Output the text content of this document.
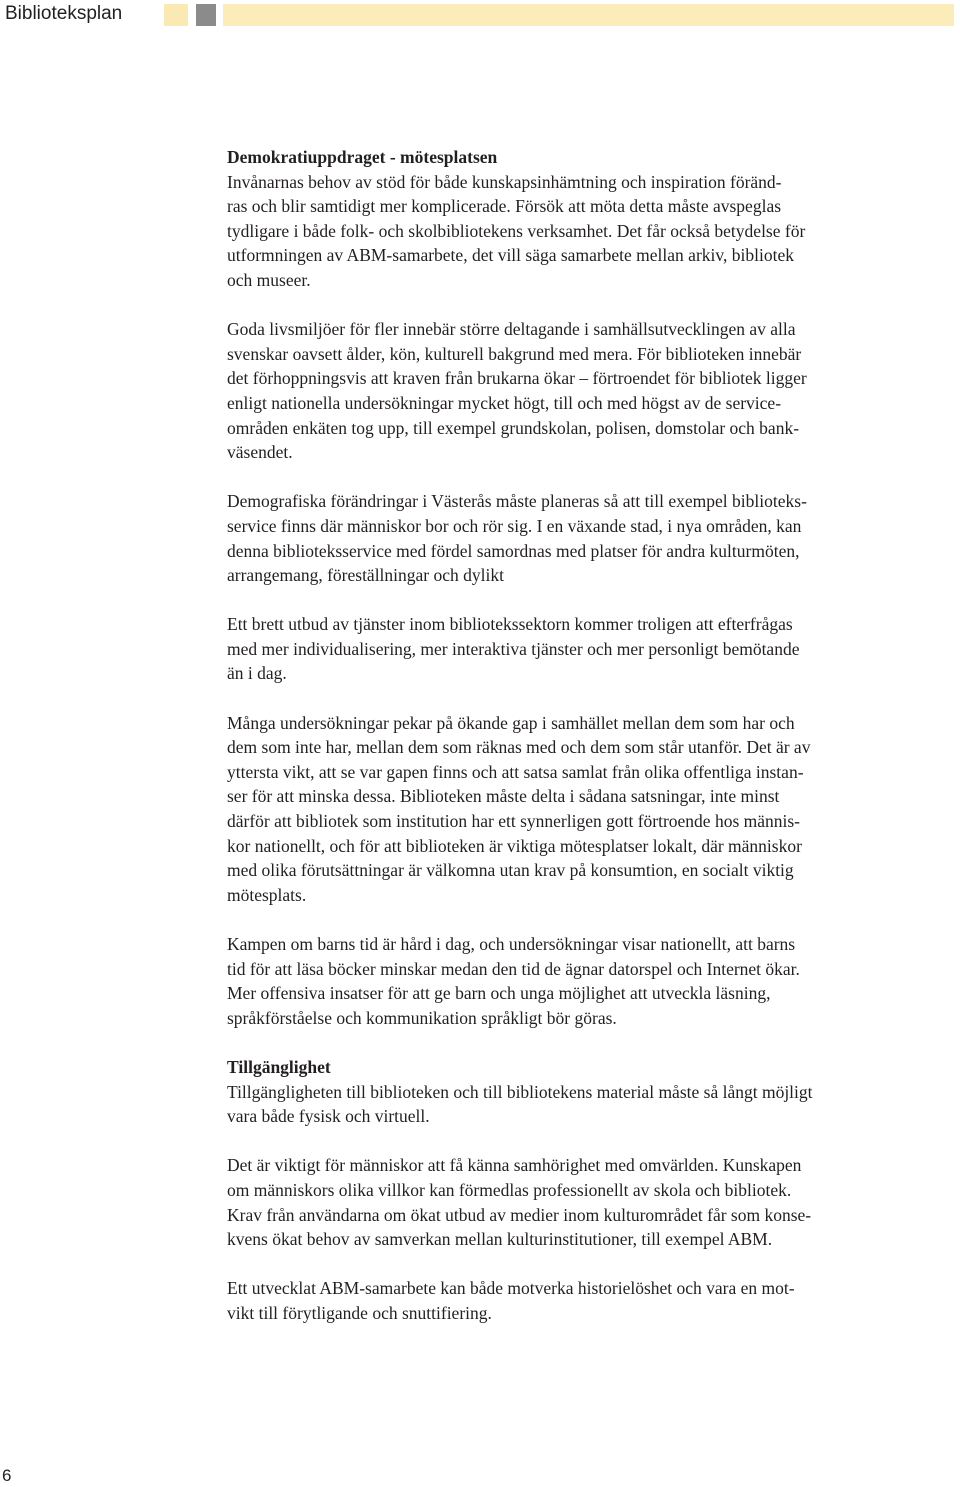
Biblioteksplan
Demokratiuppdraget - mötesplatsen
Invånarnas behov av stöd för både kunskapsinhämtning och inspiration föränd-
ras och blir samtidigt mer komplicerade. Försök att möta detta måste avspeglas
tydligare i både folk- och skolbibliotekens verksamhet. Det får också betydelse för
utformningen av ABM-samarbete, det vill säga samarbete mellan arkiv, bibliotek
och museer.
Goda livsmiljöer för fler innebär större deltagande i samhällsutvecklingen av alla
svenskar oavsett ålder, kön, kulturell bakgrund med mera. För biblioteken innebär
det förhoppningsvis att kraven från brukarna ökar – förtroendet för bibliotek ligger
enligt nationella undersökningar mycket högt, till och med högst av de service-
områden enkäten tog upp, till exempel grundskolan, polisen, domstolar och bank-
väsendet.
Demografiska förändringar i Västerås måste planeras så att till exempel biblioteks-
service finns där människor bor och rör sig. I en växande stad, i nya områden, kan
denna biblioteksservice med fördel samordnas med platser för andra kulturmöten,
arrangemang, föreställningar och dylikt
Ett brett utbud av tjänster inom bibliotekssektorn kommer troligen att efterfrågas
med mer individualisering, mer interaktiva tjänster och mer personligt bemötande
än i dag.
Många undersökningar pekar på ökande gap i samhället mellan dem som har och
dem som inte har, mellan dem som räknas med och dem som står utanför. Det är av
yttersta vikt, att se var gapen finns och att satsa samlat från olika offentliga instan-
ser för att minska dessa. Biblioteken måste delta i sådana satsningar, inte minst
därför att bibliotek som institution har ett synnerligen gott förtroende hos männis-
kor nationellt, och för att biblioteken är viktiga mötesplatser lokalt, där människor
med olika förutsättningar är välkomna utan krav på konsumtion, en socialt viktig
mötesplats.
Kampen om barns tid är hård i dag, och undersökningar visar nationellt, att barns
tid för att läsa böcker minskar medan den tid de ägnar datorspel och Internet ökar.
Mer offensiva insatser för att ge barn och unga möjlighet att utveckla läsning,
språkförståelse och kommunikation språkligt bör göras.
Tillgänglighet
Tillgängligheten till biblioteken och till bibliotekens material måste så långt möjligt
vara både fysisk och virtuell.
Det är viktigt för människor att få känna samhörighet med omvärlden. Kunskapen
om människors olika villkor kan förmedlas professionellt av skola och bibliotek.
Krav från användarna om ökat utbud av medier inom kulturområdet får som konse-
kvens ökat behov av samverkan mellan kulturinstitutioner, till exempel ABM.
Ett utvecklat ABM-samarbete kan både motverka historielöshet och vara en mot-
vikt till förytligande och snuttifiering.
6
